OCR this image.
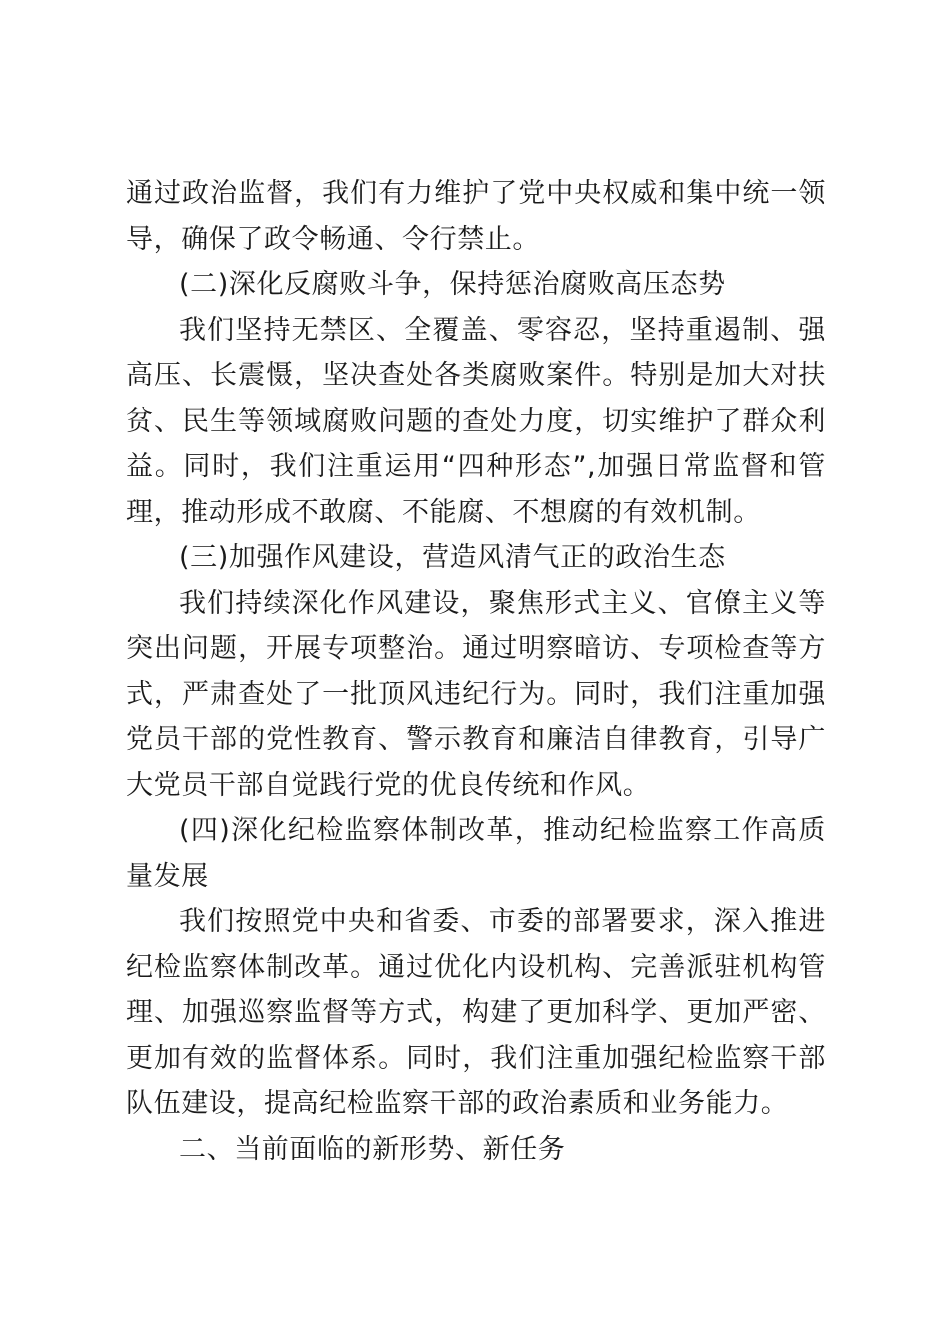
通过政治监督，我们有力维护了党中央权威和集中统一领导，确保了政令畅通、令行禁止。

(二)深化反腐败斗争，保持惩治腐败高压态势

我们坚持无禁区、全覆盖、零容忍，坚持重遏制、强高压、长震慑，坚决查处各类腐败案件。特别是加大对扶贫、民生等领域腐败问题的查处力度，切实维护了群众利益。同时，我们注重运用“四种形态”,加强日常监督和管理，推动形成不敢腐、不能腐、不想腐的有效机制。

(三)加强作风建设，营造风清气正的政治生态

我们持续深化作风建设，聚焦形式主义、官僚主义等突出问题，开展专项整治。通过明察暗访、专项检查等方式，严肃查处了一批顶风违纪行为。同时，我们注重加强党员干部的党性教育、警示教育和廉洁自律教育，引导广大党员干部自觉践行党的优良传统和作风。

(四)深化纪检监察体制改革，推动纪检监察工作高质量发展

我们按照党中央和省委、市委的部署要求，深入推进纪检监察体制改革。通过优化内设机构、完善派驻机构管理、加强巡察监督等方式，构建了更加科学、更加严密、更加有效的监督体系。同时，我们注重加强纪检监察干部队伍建设，提高纪检监察干部的政治素质和业务能力。

二、当前面临的新形势、新任务
